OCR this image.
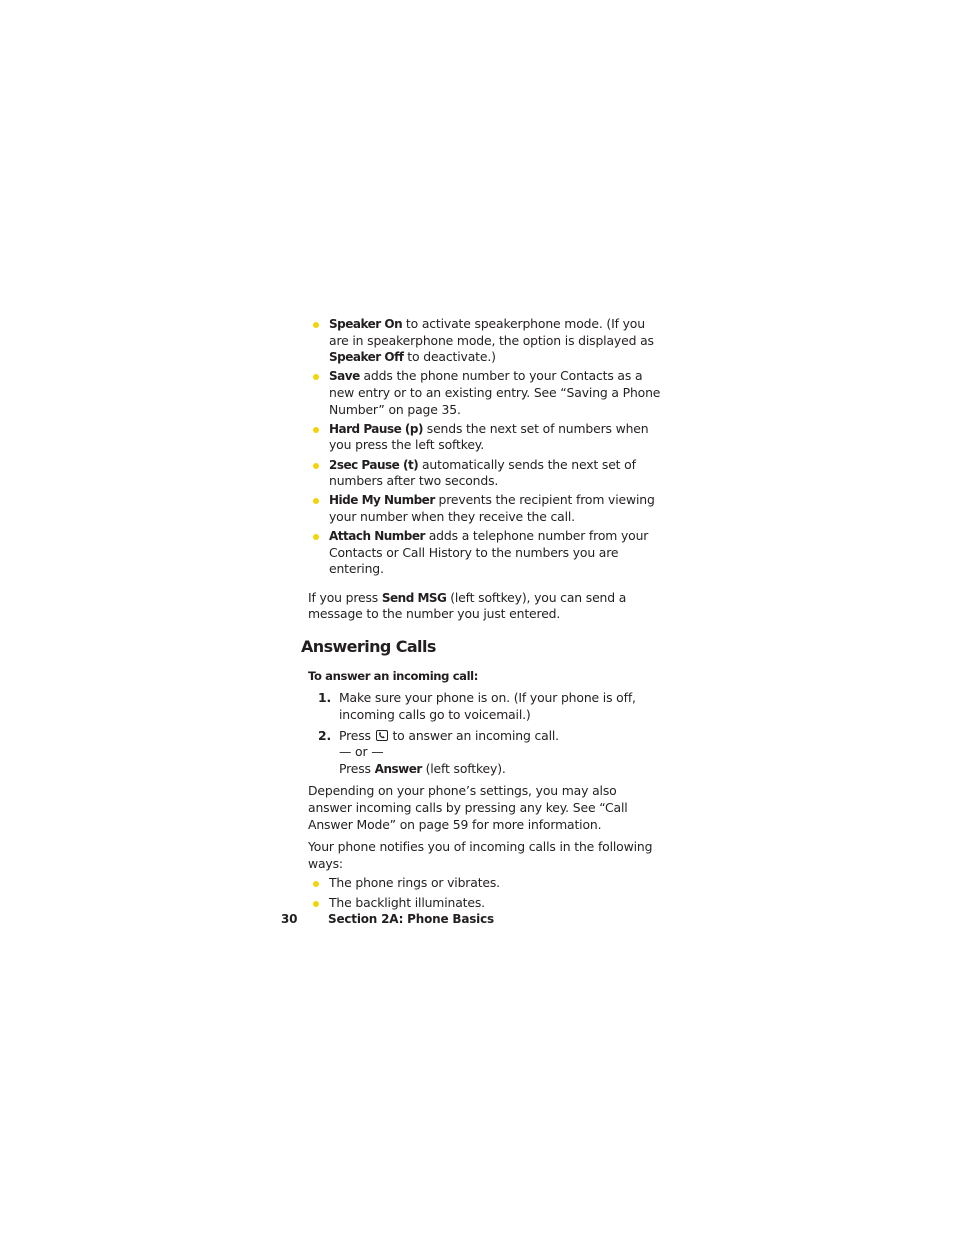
Speaker On to activate speakerphone mode. (If you are in speakerphone mode, the option is displayed as Speaker Off to deactivate.)
Save adds the phone number to your Contacts as a new entry or to an existing entry. See “Saving a Phone Number” on page 35.
Hard Pause (p) sends the next set of numbers when you press the left softkey.
2sec Pause (t) automatically sends the next set of numbers after two seconds.
Hide My Number prevents the recipient from viewing your number when they receive the call.
Attach Number adds a telephone number from your Contacts or Call History to the numbers you are entering.

If you press Send MSG (left softkey), you can send a message to the number you just entered.

Answering Calls
To answer an incoming call:
1. Make sure your phone is on. (If your phone is off, incoming calls go to voicemail.)
2. Press
to answer an incoming call.
— or —
Press Answer (left softkey).

Depending on your phone’s settings, you may also answer incoming calls by pressing any key. See “Call Answer Mode” on page 59 for more information.

Your phone notifies you of incoming calls in the following ways:

The phone rings or vibrates.
The backlight illuminates.
30	Section 2A: Phone Basics
